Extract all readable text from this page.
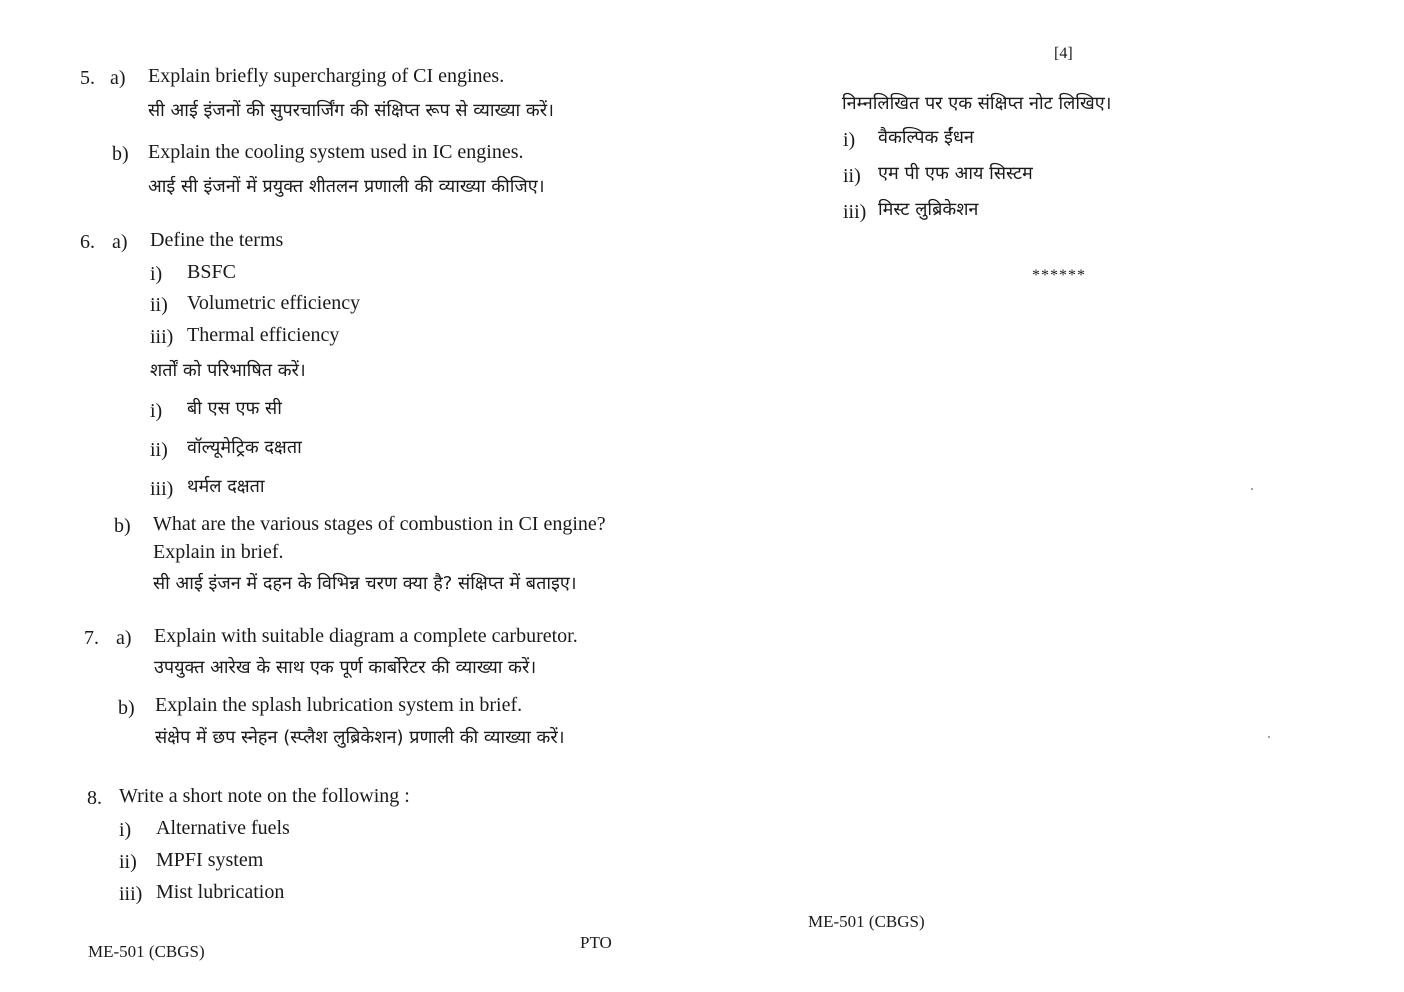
5. a) Explain briefly supercharging of CI engines.
सी आई इंजनों की सुपरचार्जिंग की संक्षिप्त रूप से व्याख्या करें।
b) Explain the cooling system used in IC engines.
आई सी इंजनों में प्रयुक्त शीतलन प्रणाली की व्याख्या कीजिए।
6. a) Define the terms
i) BSFC
ii) Volumetric efficiency
iii) Thermal efficiency
शर्तों को परिभाषित करें।
i) बी एस एफ सी
ii) वॉल्यूमेट्रिक दक्षता
iii) थर्मल दक्षता
b) What are the various stages of combustion in CI engine?
Explain in brief.
सी आई इंजन में दहन के विभिन्न चरण क्या है? संक्षिप्त में बताइए।
7. a) Explain with suitable diagram a complete carburetor.
उपयुक्त आरेख के साथ एक पूर्ण कार्बोरेटर की व्याख्या करें।
b) Explain the splash lubrication system in brief.
संक्षेप में छप स्नेहन (स्प्लैश लुब्रिकेशन) प्रणाली की व्याख्या करें।
8. Write a short note on the following :
i) Alternative fuels
ii) MPFI system
iii) Mist lubrication
ME-501 (CBGS)	PTO
[4]
निम्नलिखित पर एक संक्षिप्त नोट लिखिए।
i) वैकल्पिक ईंधन
ii) एम पी एफ आय सिस्टम
iii) मिस्ट लुब्रिकेशन
******
ME-501 (CBGS)
